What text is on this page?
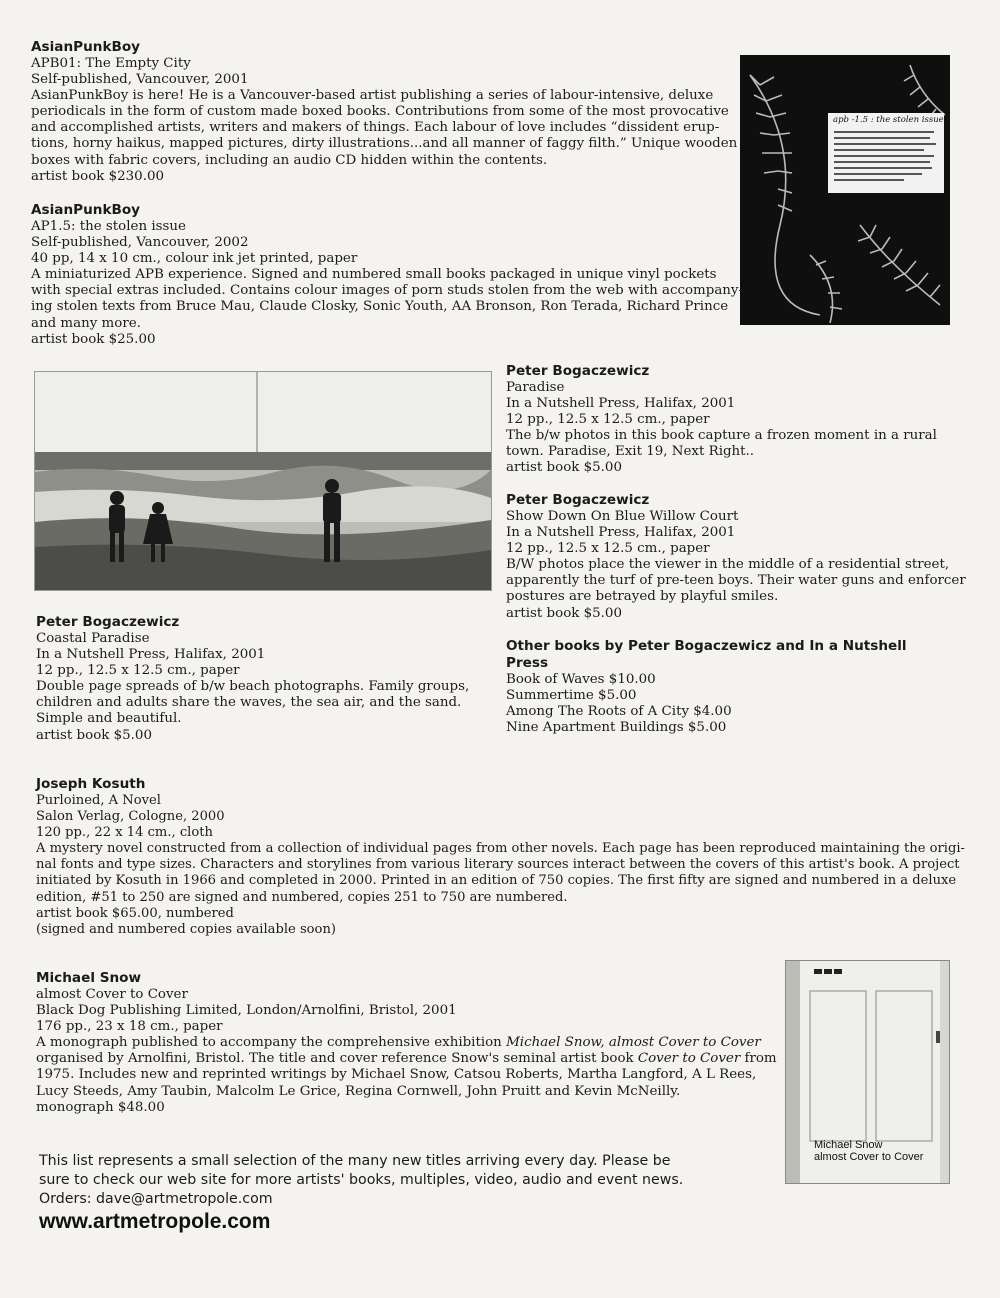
AsianPunkBoy
APB01: The Empty City
Self-published, Vancouver, 2001
AsianPunkBoy is here! He is a Vancouver-based artist publishing a series of labour-intensive, deluxe
periodicals in the form of custom made boxed books. Contributions from some of the most provocative
and accomplished artists, writers and makers of things. Each labour of love includes “dissident erup-
tions, horny haikus, mapped pictures, dirty illustrations...and all manner of faggy filth.” Unique wooden
boxes with fabric covers, including an audio CD hidden within the contents.
artist book $230.00
apb -1.5 : the stolen issue
AsianPunkBoy
AP1.5: the stolen issue
Self-published, Vancouver, 2002
40 pp, 14 x 10 cm., colour ink jet printed, paper
A miniaturized APB experience. Signed and numbered small books packaged in unique vinyl pockets
with special extras included. Contains colour images of porn studs stolen from the web with accompany-
ing stolen texts from Bruce Mau, Claude Closky, Sonic Youth, AA Bronson, Ron Terada, Richard Prince
and many more.
artist book $25.00
Peter Bogaczewicz
Paradise
In a Nutshell Press, Halifax, 2001
12 pp., 12.5 x 12.5 cm., paper
The b/w photos in this book capture a frozen moment in a rural
town. Paradise, Exit 19, Next Right..
artist book $5.00
Peter Bogaczewicz
Show Down On Blue Willow Court
In a Nutshell Press, Halifax, 2001
12 pp., 12.5 x 12.5 cm., paper
B/W photos place the viewer in the middle of a residential street,
apparently the turf of pre-teen boys. Their water guns and enforcer
postures are betrayed by playful smiles.
artist book $5.00
Other books by Peter Bogaczewicz and In a Nutshell
Press
Book of Waves $10.00
Summertime $5.00
Among The Roots of A City $4.00
Nine Apartment Buildings $5.00
Peter Bogaczewicz
Coastal Paradise
In a Nutshell Press, Halifax, 2001
12 pp., 12.5 x 12.5 cm., paper
Double page spreads of b/w beach photographs. Family groups,
children and adults share the waves, the sea air, and the sand.
Simple and beautiful.
artist book $5.00
Joseph Kosuth
Purloined, A Novel
Salon Verlag, Cologne, 2000
120 pp., 22 x 14 cm., cloth
A mystery novel constructed from a collection of individual pages from other novels. Each page has been reproduced maintaining the origi-
nal fonts and type sizes. Characters and storylines from various literary sources interact between the covers of this artist's book. A project
initiated by Kosuth in 1966 and completed in 2000. Printed in an edition of 750 copies. The first fifty are signed and numbered in a deluxe
edition, #51 to 250 are signed and numbered, copies 251 to 750 are numbered.
artist book $65.00, numbered
(signed and numbered copies available soon)
Michael Snow
almost Cover to Cover
Black Dog Publishing Limited, London/Arnolfini, Bristol, 2001
176 pp., 23 x 18 cm., paper
A monograph published to accompany the comprehensive exhibition Michael Snow, almost Cover to Cover
organised by Arnolfini, Bristol. The title and cover reference Snow's seminal artist book Cover to Cover from
1975. Includes new and reprinted writings by Michael Snow, Catsou Roberts, Martha Langford, A L Rees,
Lucy Steeds, Amy Taubin, Malcolm Le Grice, Regina Cornwell, John Pruitt and Kevin McNeilly.
monograph $48.00
Michael Snow
almost Cover to Cover
This list represents a small selection of the many new titles arriving every day. Please be
sure to check our web site for more artists' books, multiples, video, audio and event news.
Orders: dave@artmetropole.com
www.artmetropole.com
